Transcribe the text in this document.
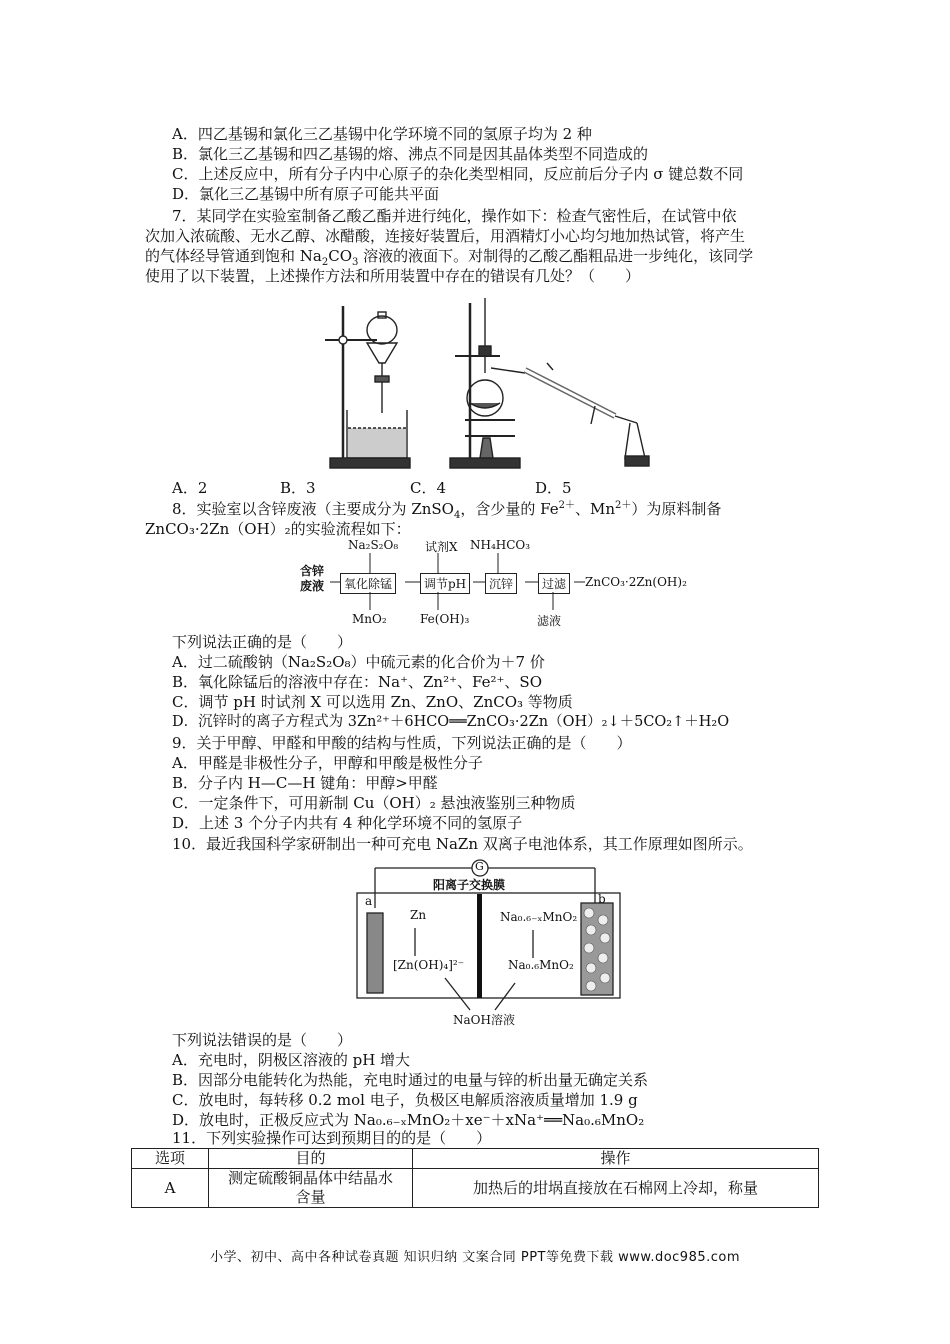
A．四乙基锡和氯化三乙基锡中化学环境不同的氢原子均为 2 种
B．氯化三乙基锡和四乙基锡的熔、沸点不同是因其晶体类型不同造成的
C．上述反应中，所有分子内中心原子的杂化类型相同，反应前后分子内 σ 键总数不同
D．氯化三乙基锡中所有原子可能共平面
7．某同学在实验室制备乙酸乙酯并进行纯化，操作如下：检查气密性后，在试管中依
次加入浓硫酸、无水乙醇、冰醋酸，连接好装置后，用酒精灯小心均匀地加热试管，将产生
的气体经导管通到饱和 $Na_2CO_3$ 溶液的液面下。对制得的乙酸乙酯粗品进一步纯化，该同学
使用了以下装置，上述操作方法和所用装置中存在的错误有几处？（　　）
A．2	B．3	C．4	D．5
8．实验室以含锌废液（主要成分为 ZnSO$_4$，含少量的 $Fe^{2+}$、$Mn^{2+}$）为原料制备
ZnCO₃·2Zn（OH）₂的实验流程如下：
Na₂S₂O₈ 试剂X NH₄HCO₃
含锌废液	氧化除锰	调节pH	沉锌	过滤	ZnCO₃·2Zn(OH)₂
MnO₂	Fe(OH)₃	滤液
下列说法正确的是（　　）
A．过二硫酸钠（Na₂S₂O₈）中硫元素的化合价为＋7 价
B．氧化除锰后的溶液中存在：Na⁺、Zn²⁺、Fe²⁺、SO
C．调节 pH 时试剂 X 可以选用 Zn、ZnO、ZnCO₃ 等物质
D．沉锌时的离子方程式为 3Zn²⁺＋6HCO══ZnCO₃·2Zn（OH）₂↓＋5CO₂↑＋H₂O
9．关于甲醇、甲醛和甲酸的结构与性质，下列说法正确的是（　　）
A．甲醛是非极性分子，甲醇和甲酸是极性分子
B．分子内 H—C—H 键角：甲醇>甲醛
C．一定条件下，可用新制 Cu（OH）₂ 悬浊液鉴别三种物质
D．上述 3 个分子内共有 4 种化学环境不同的氢原子
10．最近我国科学家研制出一种可充电 NaZn 双离子电池体系，其工作原理如图所示。
G
阳离子交换膜
a	b
Zn
[Zn(OH)₄]²⁻
Na₀.₆₋ₓMnO₂
Na₀.₆MnO₂
NaOH溶液
下列说法错误的是（　　）
A．充电时，阴极区溶液的 pH 增大
B．因部分电能转化为热能，充电时通过的电量与锌的析出量无确定关系
C．放电时，每转移 0.2 mol 电子，负极区电解质溶液质量增加 1.9 g
D．放电时，正极反应式为 Na₀.₆₋ₓMnO₂＋xe⁻＋xNa⁺══Na₀.₆MnO₂
11．下列实验操作可达到预期目的的是（　　）
选项	目的	操作
A	测定硫酸铜晶体中结晶水含量	加热后的坩埚直接放在石棉网上冷却，称量
小学、初中、高中各种试卷真题 知识归纳 文案合同 PPT等免费下载 www.doc985.com
